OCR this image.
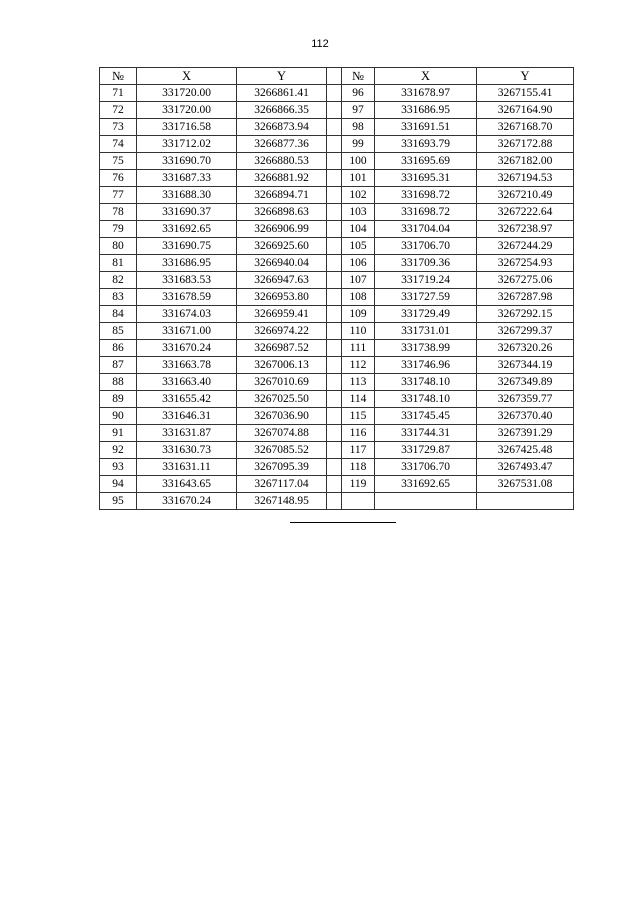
112
№	X	Y		№	X	Y
71	331720.00	3266861.41		96	331678.97	3267155.41
72	331720.00	3266866.35		97	331686.95	3267164.90
73	331716.58	3266873.94		98	331691.51	3267168.70
74	331712.02	3266877.36		99	331693.79	3267172.88
75	331690.70	3266880.53		100	331695.69	3267182.00
76	331687.33	3266881.92		101	331695.31	3267194.53
77	331688.30	3266894.71		102	331698.72	3267210.49
78	331690.37	3266898.63		103	331698.72	3267222.64
79	331692.65	3266906.99		104	331704.04	3267238.97
80	331690.75	3266925.60		105	331706.70	3267244.29
81	331686.95	3266940.04		106	331709.36	3267254.93
82	331683.53	3266947.63		107	331719.24	3267275.06
83	331678.59	3266953.80		108	331727.59	3267287.98
84	331674.03	3266959.41		109	331729.49	3267292.15
85	331671.00	3266974.22		110	331731.01	3267299.37
86	331670.24	3266987.52		111	331738.99	3267320.26
87	331663.78	3267006.13		112	331746.96	3267344.19
88	331663.40	3267010.69		113	331748.10	3267349.89
89	331655.42	3267025.50		114	331748.10	3267359.77
90	331646.31	3267036.90		115	331745.45	3267370.40
91	331631.87	3267074.88		116	331744.31	3267391.29
92	331630.73	3267085.52		117	331729.87	3267425.48
93	331631.11	3267095.39		118	331706.70	3267493.47
94	331643.65	3267117.04		119	331692.65	3267531.08
95	331670.24	3267148.95				
